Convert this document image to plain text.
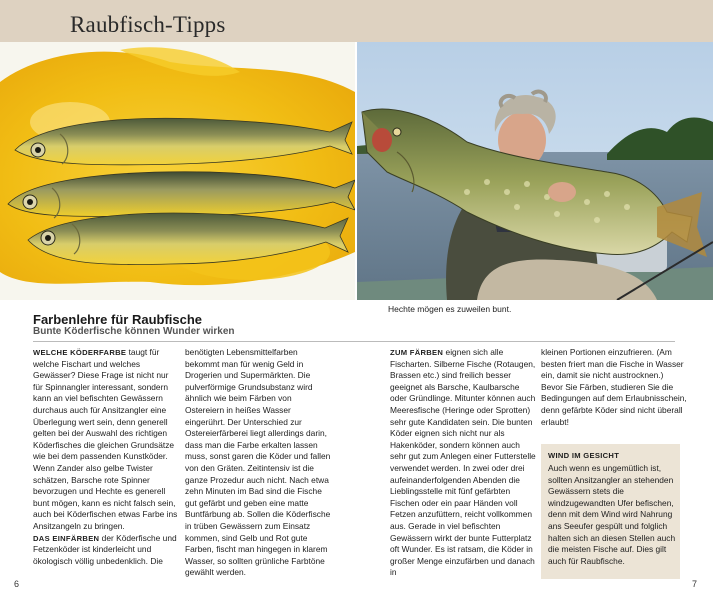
Raubfisch-Tipps
Hechte mögen es zuweilen bunt.
Farbenlehre für Raubfische
Bunte Köderfische können Wunder wirken

WELCHE KÖDERFARBE taugt für welche Fischart und welches Gewässer? Diese Frage ist nicht nur für Spinnangler interessant, sondern kann an viel befischten Gewässern durchaus auch für Ansitzangler eine Überlegung wert sein, denn generell gelten bei der Auswahl des richtigen Köderfisches die gleichen Grundsätze wie bei dem passenden Kunstköder. Wenn Zander also gelbe Twister schätzen, Barsche rote Spinner bevorzugen und Hechte es generell bunt mögen, kann es nicht falsch sein, auch bei Köderfischen etwas Farbe ins Ansitzangeln zu bringen.

DAS EINFÄRBEN der Köderfische und Fetzenköder ist kinderleicht und ökologisch völlig unbedenklich. Die

benötigten Lebensmittelfarben bekommt man für wenig Geld in Drogerien und Supermärkten. Die pulverförmige Grundsubstanz wird ähnlich wie beim Färben von Ostereiern in heißes Wasser eingerührt. Der Unterschied zur Ostereierfärberei liegt allerdings darin, dass man die Farbe erkalten lassen muss, sonst garen die Köder und fallen von den Gräten. Zeitintensiv ist die ganze Prozedur auch nicht. Nach etwa zehn Minuten im Bad sind die Fische gut gefärbt und geben eine matte Buntfärbung ab. Sollen die Köderfische in trüben Gewässern zum Einsatz kommen, sind Gelb und Rot gute Farben, fischt man hingegen in klarem Wasser, so sollten grünliche Farbtöne gewählt werden.

ZUM FÄRBEN eignen sich alle Fischarten. Silberne Fische (Rotaugen, Brassen etc.) sind freilich besser geeignet als Barsche, Kaulbarsche oder Gründlinge. Mitunter können auch Meeresfische (Heringe oder Sprotten) sehr gute Kandidaten sein. Die bunten Köder eignen sich nicht nur als Hakenköder, sondern können auch sehr gut zum Anlegen einer Futterstelle verwendet werden. In zwei oder drei aufeinanderfolgenden Abenden die Lieblingsstelle mit fünf gefärbten Fischen oder ein paar Händen voll Fetzen anzufüttern, reicht vollkommen aus. Gerade in viel befischten Gewässern wirkt der bunte Futterplatz oft Wunder. Es ist ratsam, die Köder in großer Menge einzufärben und danach in

kleinen Portionen einzufrieren. (Am besten friert man die Fische in Wasser ein, damit sie nicht austrocknen.) Bevor Sie Färben, studieren Sie die Bedingungen auf dem Erlaubnisschein, denn gefärbte Köder sind nicht überall erlaubt!

WIND IM GESICHT
Auch wenn es ungemütlich ist, sollten Ansitzangler an stehenden Gewässern stets die windzugewandten Ufer befischen, denn mit dem Wind wird Nahrung ans Seeufer gespült und folglich halten sich an diesen Stellen auch die meisten Fische auf. Dies gilt auch für Raubfische.
6	7
